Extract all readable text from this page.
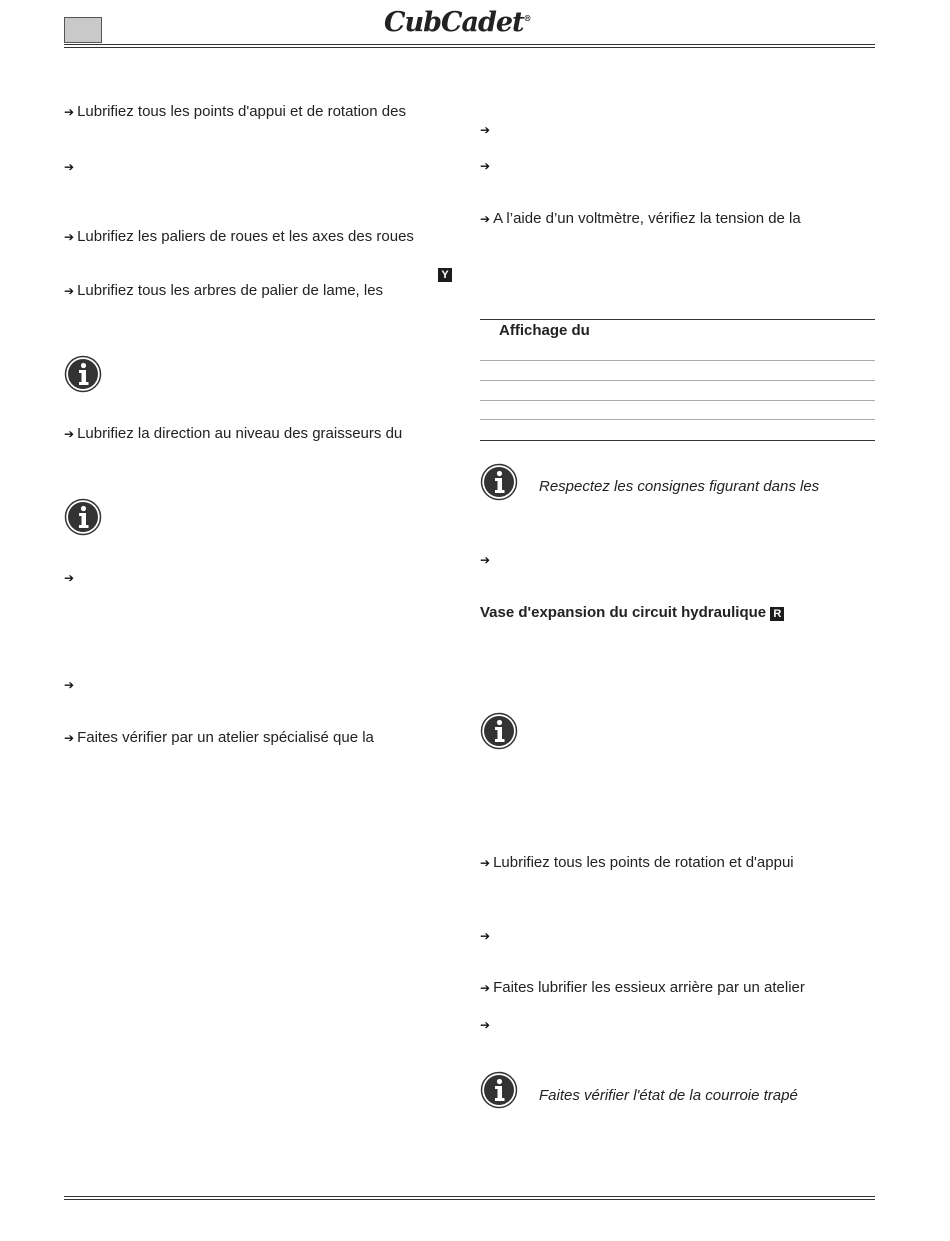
CubCadet®
➔ Lubrifiez tous les points d'appui et de rotation des
➔
➔ Lubrifiez les paliers de roues et les axes des roues
Y
➔ Lubrifiez tous les arbres de palier de lame, les
➔ Lubrifiez la direction au niveau des graisseurs du
➔
➔
➔ Faites vérifier par un atelier spécialisé que la
➔
➔
➔ A l’aide d’un voltmètre, vérifiez la tension de la
Affichage du
Respectez les consignes figurant dans les
➔
Vase d'expansion du circuit hydraulique R
➔ Lubrifiez tous les points de rotation et d'appui
➔
➔ Faites lubrifier les essieux arrière par un atelier
➔
Faites vérifier l'état de la courroie trapé
